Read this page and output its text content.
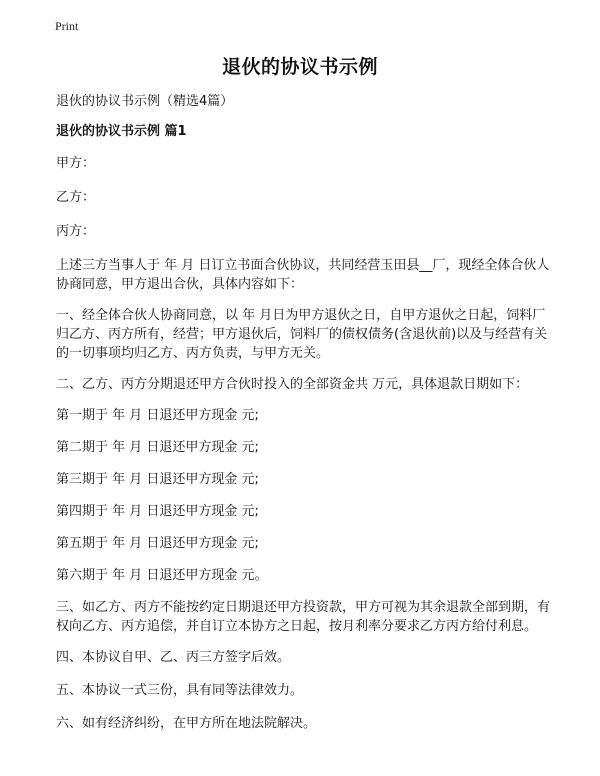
Print
退伙的协议书示例

退伙的协议书示例（精选4篇）

退伙的协议书示例 篇1

甲方：

乙方：

丙方：

上述三方当事人于 年 月 日订立书面合伙协议，共同经营玉田县__厂，现经全体合伙人协商同意，甲方退出合伙，具体内容如下：

一、经全体合伙人协商同意，以 年 月日为甲方退伙之日，自甲方退伙之日起，饲料厂归乙方、丙方所有，经营；甲方退伙后，饲料厂的债权债务(含退伙前)以及与经营有关的一切事项均归乙方、丙方负责，与甲方无关。

二、乙方、丙方分期退还甲方合伙时投入的全部资金共 万元，具体退款日期如下：

第一期于 年 月 日退还甲方现金 元;

第二期于 年 月 日退还甲方现金 元;

第三期于 年 月 日退还甲方现金 元;

第四期于 年 月 日退还甲方现金 元;

第五期于 年 月 日退还甲方现金 元;

第六期于 年 月 日退还甲方现金 元。

三、如乙方、丙方不能按约定日期退还甲方投资款，甲方可视为其余退款全部到期，有权向乙方、丙方追偿，并自订立本协方之日起，按月利率分要求乙方丙方给付利息。

四、本协议自甲、乙、丙三方签字后效。

五、本协议一式三份，具有同等法律效力。

六、如有经济纠纷，在甲方所在地法院解决。
